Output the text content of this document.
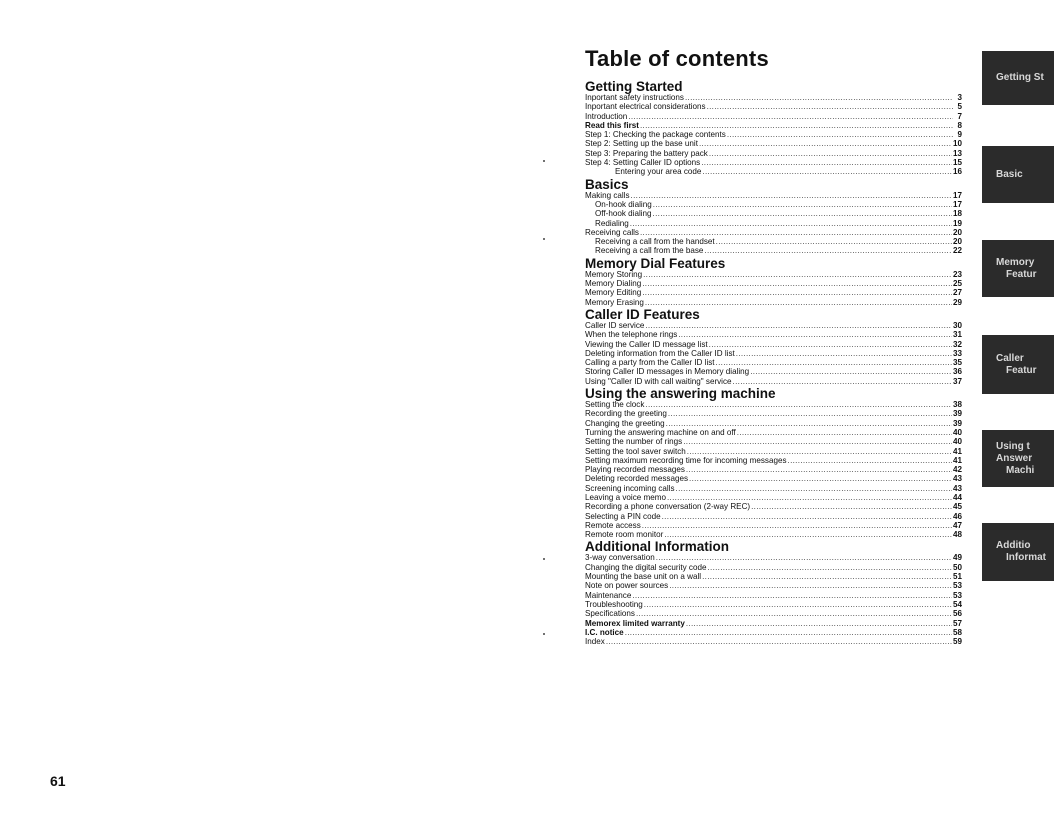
61
Table of contents
Getting Started
Inportant safety instructions .....	3
Inportant electrical considerations .....	5
Introduction .....	7
Read this first .....	8
Step 1: Checking the package contents .....	9
Step 2: Setting up the base unit .....	10
Step 3: Preparing the battery pack .....	13
Step 4: Setting Caller ID options .....	15
Entering your area code .....	16
Basics
Making calls .....	17
On-hook dialing .....	17
Off-hook dialing .....	18
Redialing .....	19
Receiving calls .....	20
Receiving a call from the handset .....	20
Receiving a call from the base .....	22
Memory Dial Features
Memory Storing .....	23
Memory Dialing .....	25
Memory Editing .....	27
Memory Erasing .....	29
Caller ID Features
Caller ID service .....	30
When the telephone rings .....	31
Viewing the Caller ID message list .....	32
Deleting information from the Caller ID list .....	33
Calling a party from the Caller ID list .....	35
Storing Caller ID messages in Memory dialing .....	36
Using "Caller ID with call waiting" service .....	37
Using the answering machine
Setting the clock .....	38
Recording the greeting .....	39
Changing the greeting .....	39
Turning the answering machine on and off .....	40
Setting the number of rings .....	40
Setting the tool saver switch .....	41
Setting maximum recording time for incoming messages .....	41
Playing recorded messages .....	42
Deleting recorded messages .....	43
Screening incoming calls .....	43
Leaving a voice memo .....	44
Recording a phone conversation (2-way REC) .....	45
Selecting a PIN code .....	46
Remote access .....	47
Remote room monitor .....	48
Additional Information
3-way conversation .....	49
Changing the digital security code .....	50
Mounting the base unit on a wall .....	51
Note on power sources .....	53
Maintenance .....	53
Troubleshooting .....	54
Specifications .....	56
Memorex limited warranty .....	57
I.C. notice .....	58
Index .....	59
Getting St
Basic
Memory
Featur
Caller
Featur
Using t
Answer
Machi
Additio
Informat
